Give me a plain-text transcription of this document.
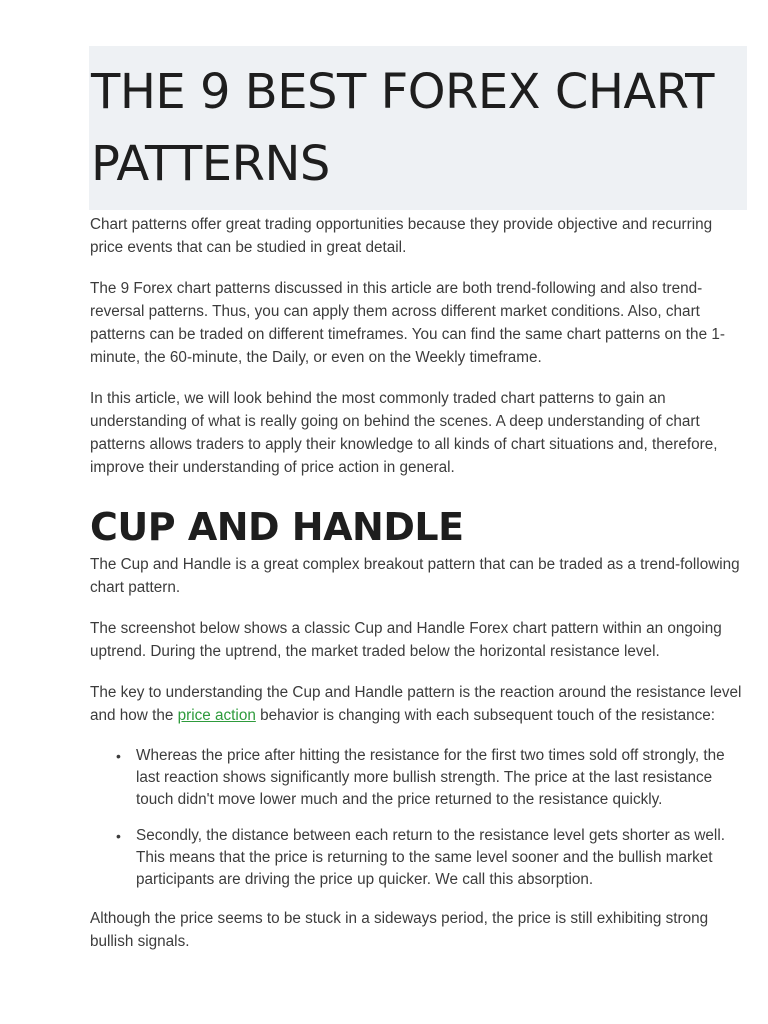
THE 9 BEST FOREX CHART PATTERNS

Chart patterns offer great trading opportunities because they provide objective and recurring price events that can be studied in great detail.

The 9 Forex chart patterns discussed in this article are both trend-following and also trend-reversal patterns. Thus, you can apply them across different market conditions. Also, chart patterns can be traded on different timeframes. You can find the same chart patterns on the 1-minute, the 60-minute, the Daily, or even on the Weekly timeframe.

In this article, we will look behind the most commonly traded chart patterns to gain an understanding of what is really going on behind the scenes. A deep understanding of chart patterns allows traders to apply their knowledge to all kinds of chart situations and, therefore, improve their understanding of price action in general.

CUP AND HANDLE

The Cup and Handle is a great complex breakout pattern that can be traded as a trend-following chart pattern.

The screenshot below shows a classic Cup and Handle Forex chart pattern within an ongoing uptrend. During the uptrend, the market traded below the horizontal resistance level.

The key to understanding the Cup and Handle pattern is the reaction around the resistance level and how the price action behavior is changing with each subsequent touch of the resistance:

• Whereas the price after hitting the resistance for the first two times sold off strongly, the last reaction shows significantly more bullish strength. The price at the last resistance touch didn't move lower much and the price returned to the resistance quickly.
• Secondly, the distance between each return to the resistance level gets shorter as well. This means that the price is returning to the same level sooner and the bullish market participants are driving the price up quicker. We call this absorption.

Although the price seems to be stuck in a sideways period, the price is still exhibiting strong bullish signals.
